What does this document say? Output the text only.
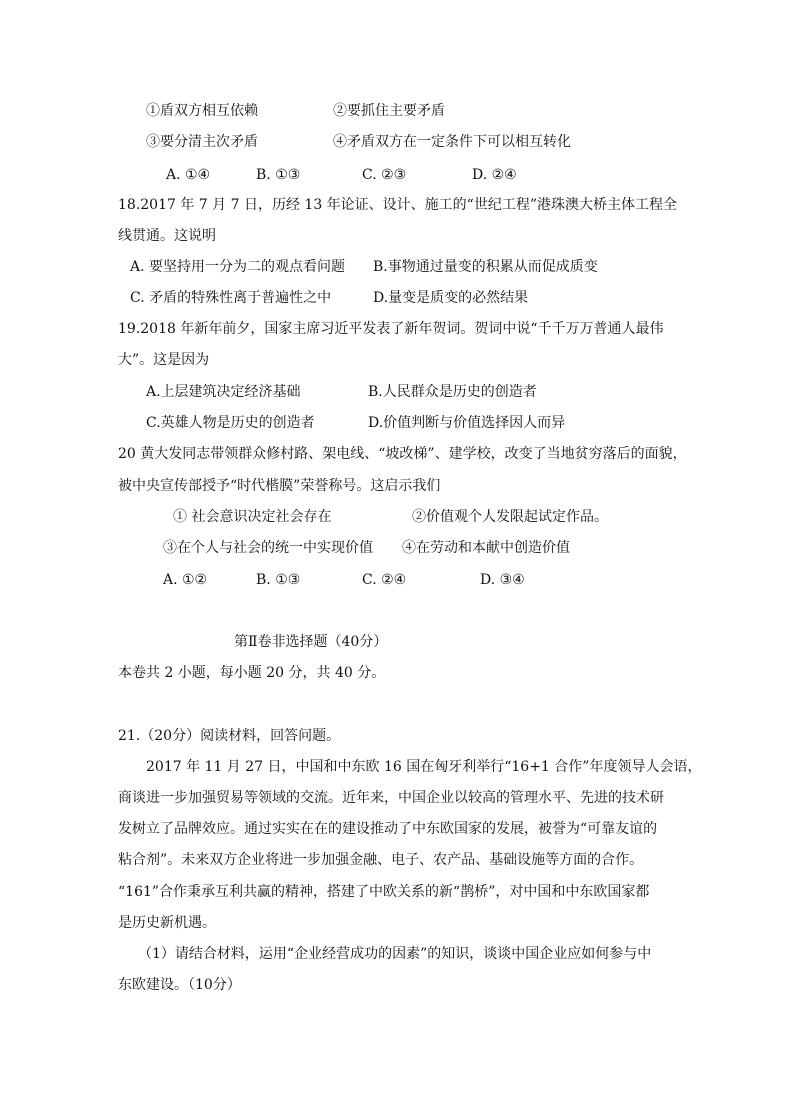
①盾双方相互依赖	②要抓住主要矛盾
③要分清主次矛盾	④矛盾双方在一定条件下可以相互转化
A. ①④	B. ①③	C. ②③	D. ②④
18.2017 年 7 月 7 日，历经 13 年论证、设计、施工的“世纪工程”港珠澳大桥主体工程全
线贯通。这说明
A. 要坚持用一分为二的观点看问题 B.事物通过量变的积累从而促成质变
C. 矛盾的特殊性离于普遍性之中	D.量变是质变的必然结果
19.2018 年新年前夕，国家主席习近平发表了新年贺词。贺词中说“千千万万普通人最伟
大”。这是因为
A.上层建筑决定经济基础	B.人民群众是历史的创造者
C.英雄人物是历史的创造者	D.价值判断与价值选择因人而异
20 黄大发同志带领群众修村路、架电线、“坡改梯”、建学校，改变了当地贫穷落后的面貌，
被中央宣传部授予“时代楷膜”荣誉称号。这启示我们
① 社会意识决定社会存在	②价值观个人发限起试定作品。
③在个人与社会的统一中实现价值 ④在劳动和本献中创造价值
A. ①②	B. ①③	C. ②④	D. ③④
第Ⅱ卷非选择题（40分）
本卷共 2 小题，每小题 20 分，共 40 分。
21.（20分）阅读材料，回答问题。
2017 年 11 月 27 日，中国和中东欧 16 国在匈牙利举行“16+1 合作”年度领导人会语，
商谈进一步加强贸易等领域的交流。近年来，中国企业以较高的管理水平、先进的技术研
发树立了品牌效应。通过实实在在的建设推动了中东欧国家的发展，被誉为“可靠友谊的
粘合剂”。未来双方企业将进一步加强金融、电子、农产品、基础设施等方面的合作。
“161”合作秉承互利共赢的精神，搭建了中欧关系的新“鹊桥”，对中国和中东欧国家都
是历史新机遇。
（1）请结合材料，运用“企业经营成功的因素”的知识，谈谈中国企业应如何参与中
东欧建设。（10分）
